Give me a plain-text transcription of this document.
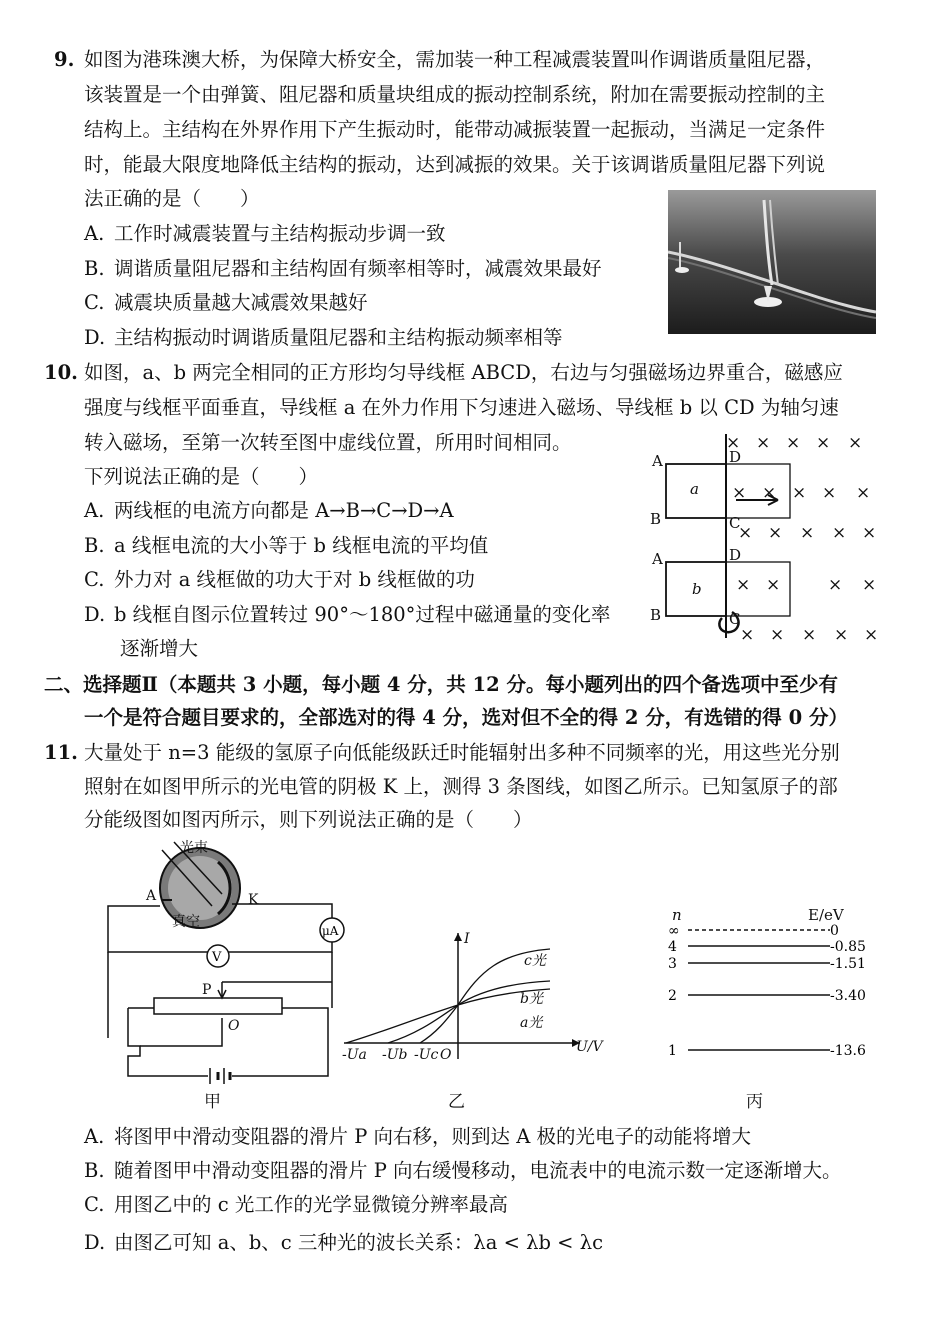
9. 如图为港珠澳大桥，为保障大桥安全，需加装一种工程减震装置叫作调谐质量阻尼器，
该装置是一个由弹簧、阻尼器和质量块组成的振动控制系统，附加在需要振动控制的主
结构上。主结构在外界作用下产生振动时，能带动减振装置一起振动，当满足一定条件
时，能最大限度地降低主结构的振动，达到减振的效果。关于该调谐质量阻尼器下列说
法正确的是（　　）
A. 工作时减震装置与主结构振动步调一致
B. 调谐质量阻尼器和主结构固有频率相等时，减震效果最好
C. 减震块质量越大减震效果越好
D. 主结构振动时调谐质量阻尼器和主结构振动频率相等
10. 如图，a、b 两完全相同的正方形均匀导线框 ABCD，右边与匀强磁场边界重合，磁感应
强度与线框平面垂直，导线框 a 在外力作用下匀速进入磁场、导线框 b 以 CD 为轴匀速
转入磁场，至第一次转至图中虚线位置，所用时间相同。
下列说法正确的是（　　）
A. 两线框的电流方向都是 A→B→C→D→A
B. a 线框电流的大小等于 b 线框电流的平均值
C. 外力对 a 线框做的功大于对 b 线框做的功
D. b 线框自图示位置转过 90°～180°过程中磁通量的变化率
逐渐增大
× × × × ×
× × × × ×
× × × × ×
× ×	× ×
× × × × ×
A
B
D
C
a
A
B
D
C
b
二、选择题Ⅱ（本题共 3 小题，每小题 4 分，共 12 分。每小题列出的四个备选项中至少有
一个是符合题目要求的，全部选对的得 4 分，选对但不全的得 2 分，有选错的得 0 分）
11. 大量处于 n=3 能级的氢原子向低能级跃迁时能辐射出多种不同频率的光，用这些光分别
照射在如图甲所示的光电管的阴极 K 上，测得 3 条图线，如图乙所示。已知氢原子的部
分能级图如图丙所示，则下列说法正确的是（　　）
光束
A	K
真空
μA
V
P
O
甲
I
U/V
c光
b光
a光
-Ua -Ub -Uc O
乙
n	E/eV
∞	0
4	-0.85
3	-1.51
2	-3.40
1	-13.6
丙
A. 将图甲中滑动变阻器的滑片 P 向右移，则到达 A 极的光电子的动能将增大
B. 随着图甲中滑动变阻器的滑片 P 向右缓慢移动，电流表中的电流示数一定逐渐增大。
C. 用图乙中的 c 光工作的光学显微镜分辨率最高
D. 由图乙可知 a、b、c 三种光的波长关系：λa < λb < λc
